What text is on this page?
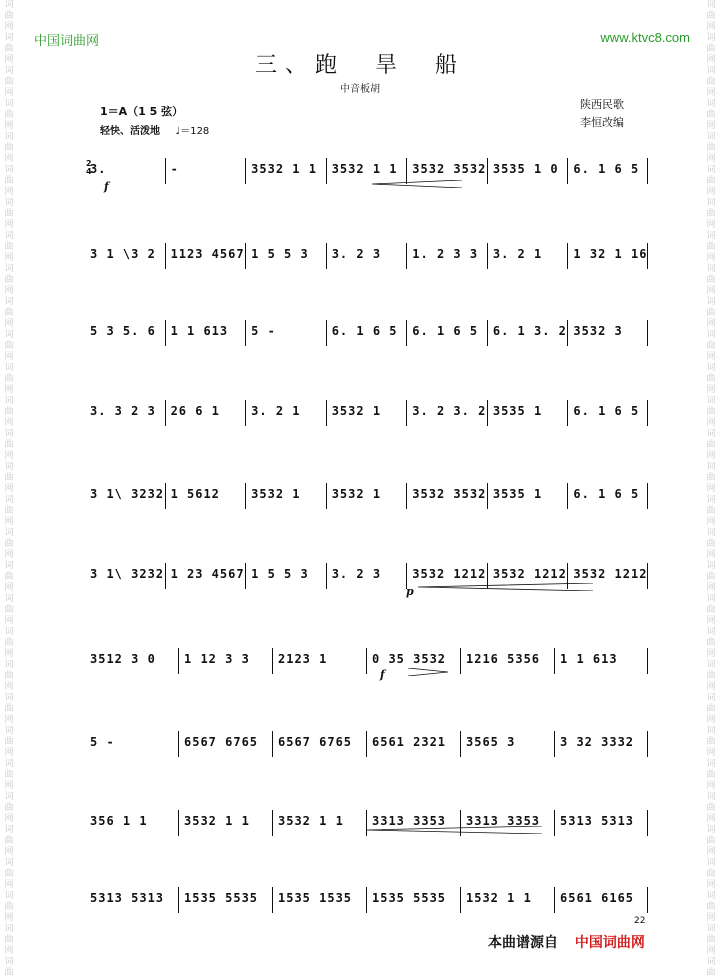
词
曲
网
词
曲
网
词
曲
网
词
曲
网
词
曲
网
词
曲
网
词
曲
网
词
曲
网
词
曲
网
词
曲
网
词
曲
网
词
曲
网
词
曲
网
词
曲
网
词
曲
网
词
曲
网
词
曲
网
词
曲
网
词
曲
网
词
曲
网
词
曲
网
词
曲
网
词
曲
网
词
曲
网
词
曲
网
词
曲
网
词
曲
网
词
曲
网
词
曲
网
词
曲
词
曲
网
词
曲
网
词
曲
网
词
曲
网
词
曲
网
词
曲
网
词
曲
网
词
曲
网
词
曲
网
词
曲
网
词
曲
网
词
曲
网
词
曲
网
词
曲
网
词
曲
网
词
曲
网
词
曲
网
词
曲
网
词
曲
网
词
曲
网
词
曲
网
词
曲
网
词
曲
网
词
曲
网
词
曲
网
词
曲
网
词
曲
网
词
曲
网
词
曲
网
词
曲
中国词曲网	www.ktvc8.com
三、跑　旱　船
中音板胡
1＝A（1 5 弦）
轻快、活泼地 ♩＝128
陕西民歌
李恒改编
2
4
3.	-	3532 1 1 3532 1 1 3532 3532 3535 1 0 6. 1 6 5
3 1 \3 2 1123 4567 1 5 5 3 3. 2 3	1. 2 3 3 3. 2 1	1 32 1 16
5 3 5. 6 1 1 613 5 -	6. 1 6 5 6. 1 6 5 6. 1 3. 2 3532 3
3. 3 2 3 26 6 1	3. 2 1	3532 1	3. 2 3. 2 3535 1	6. 1 6 5
3 1\ 3232 1 5612	3532 1	3532 1	3532 3532 3535 1	6. 1 6 5
3 1\ 3232 1 23 4567 1 5 5 3 3. 2 3	3532 1212 3532 1212 3532 1212
3512 3 0 1 12 3 3 2123 1	0 35 3532 1216 5356 1 1 613
5 -	6567 6765 6567 6765 6561 2321 3565 3	3 32 3332
356 1 1	3532 1 1 3532 1 1 3313 3353 3313 3353 5313 5313
5313 5313 1535 5535 1535 1535 1535 5535 1532 1 1 6561 6165
f
p
f
22
本曲谱源自 中国词曲网
